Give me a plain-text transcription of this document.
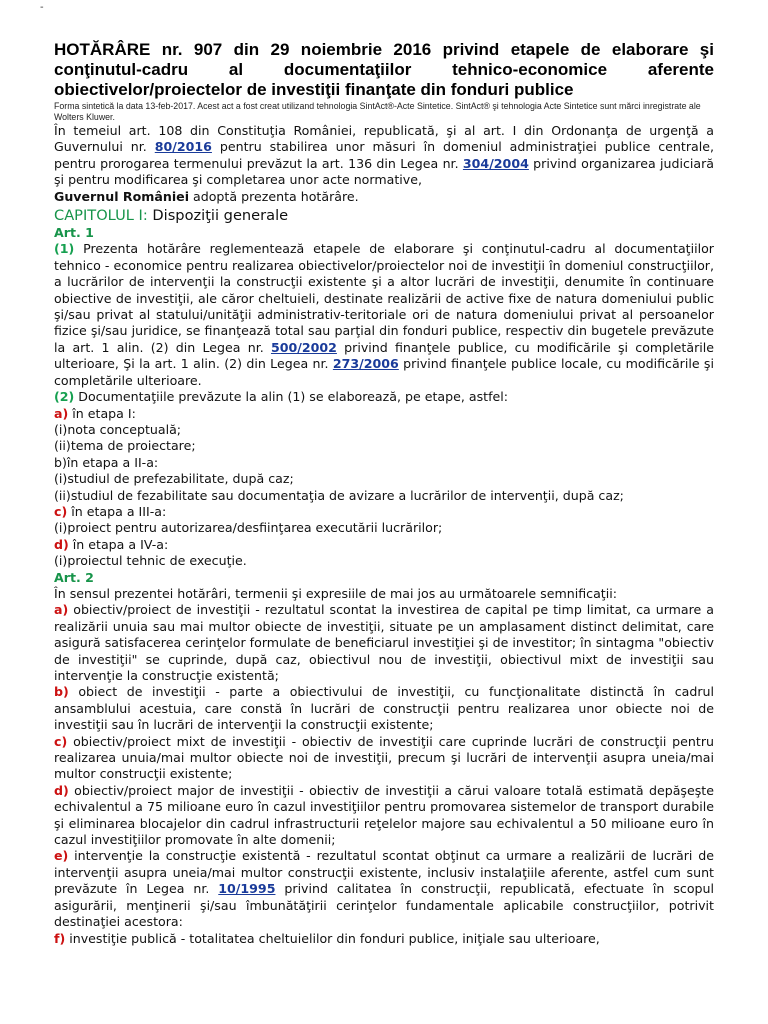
-
HOTĂRÂRE nr. 907 din 29 noiembrie 2016 privind etapele de elaborare şi conţinutul-cadru al documentaţiilor tehnico-economice aferente obiectivelor/proiectelor de investiţii finanţate din fonduri publice
Forma sintetică la data 13-feb-2017. Acest act a fost creat utilizand tehnologia SintAct®-Acte Sintetice. SintAct® şi tehnologia Acte Sintetice sunt mărci inregistrate ale Wolters Kluwer.

În temeiul art. 108 din Constituţia României, republicată, şi al art. I din Ordonanţa de urgenţă a Guvernului nr. 80/2016 pentru stabilirea unor măsuri în domeniul administraţiei publice centrale, pentru prorogarea termenului prevăzut la art. 136 din Legea nr. 304/2004 privind organizarea judiciară şi pentru modificarea şi completarea unor acte normative,

Guvernul României adoptă prezenta hotărâre.

CAPITOLUL I: Dispoziţii generale

Art. 1

(1) Prezenta hotărâre reglementează etapele de elaborare şi conţinutul-cadru al documentaţiilor tehnico - economice pentru realizarea obiectivelor/proiectelor noi de investiţii în domeniul construcţiilor, a lucrărilor de intervenţii la construcţii existente şi a altor lucrări de investiţii, denumite în continuare obiective de investiţii, ale căror cheltuieli, destinate realizării de active fixe de natura domeniului public şi/sau privat al statului/unităţii administrativ-teritoriale ori de natura domeniului privat al persoanelor fizice şi/sau juridice, se finanţează total sau parţial din fonduri publice, respectiv din bugetele prevăzute la art. 1 alin. (2) din Legea nr. 500/2002 privind finanţele publice, cu modificările şi completările ulterioare, Şi la art. 1 alin. (2) din Legea nr. 273/2006 privind finanţele publice locale, cu modificările şi completările ulterioare.

(2) Documentaţiile prevăzute la alin (1) se elaborează, pe etape, astfel:

a) în etapa I:

(i)nota conceptuală;

(ii)tema de proiectare;

b)în etapa a II-a:

(i)studiul de prefezabilitate, după caz;

(ii)studiul de fezabilitate sau documentaţia de avizare a lucrărilor de intervenţii, după caz;

c) în etapa a III-a:

(i)proiect pentru autorizarea/desfiinţarea executării lucrărilor;

d) în etapa a IV-a:

(i)proiectul tehnic de execuţie.

Art. 2

În sensul prezentei hotărâri, termenii şi expresiile de mai jos au următoarele semnificaţii:

a) obiectiv/proiect de investiţii - rezultatul scontat la investirea de capital pe timp limitat, ca urmare a realizării unuia sau mai multor obiecte de investiţii, situate pe un amplasament distinct delimitat, care asigură satisfacerea cerinţelor formulate de beneficiarul investiţiei şi de investitor; în sintagma "obiectiv de investiţii" se cuprinde, după caz, obiectivul nou de investiţii, obiectivul mixt de investiţii sau intervenţie la construcţie existentă;

b) obiect de investiţii - parte a obiectivului de investiţii, cu funcţionalitate distinctă în cadrul ansamblului acestuia, care constă în lucrări de construcţii pentru realizarea unor obiecte noi de investiţii sau în lucrări de intervenţii la construcţii existente;

c) obiectiv/proiect mixt de investiţii - obiectiv de investiţii care cuprinde lucrări de construcţii pentru realizarea unuia/mai multor obiecte noi de investiţii, precum şi lucrări de intervenţii asupra uneia/mai multor construcţii existente;

d) obiectiv/proiect major de investiţii - obiectiv de investiţii a cărui valoare totală estimată depăşeşte echivalentul a 75 milioane euro în cazul investiţiilor pentru promovarea sistemelor de transport durabile şi eliminarea blocajelor din cadrul infrastructurii reţelelor majore sau echivalentul a 50 milioane euro în cazul investiţiilor promovate în alte domenii;

e) intervenţie la construcţie existentă - rezultatul scontat obţinut ca urmare a realizării de lucrări de intervenţii asupra uneia/mai multor construcţii existente, inclusiv instalaţiile aferente, astfel cum sunt prevăzute în Legea nr. 10/1995 privind calitatea în construcţii, republicată, efectuate în scopul asigurării, menţinerii şi/sau îmbunătăţirii cerinţelor fundamentale aplicabile construcţiilor, potrivit destinaţiei acestora:

f) investiţie publică - totalitatea cheltuielilor din fonduri publice, iniţiale sau ulterioare,
